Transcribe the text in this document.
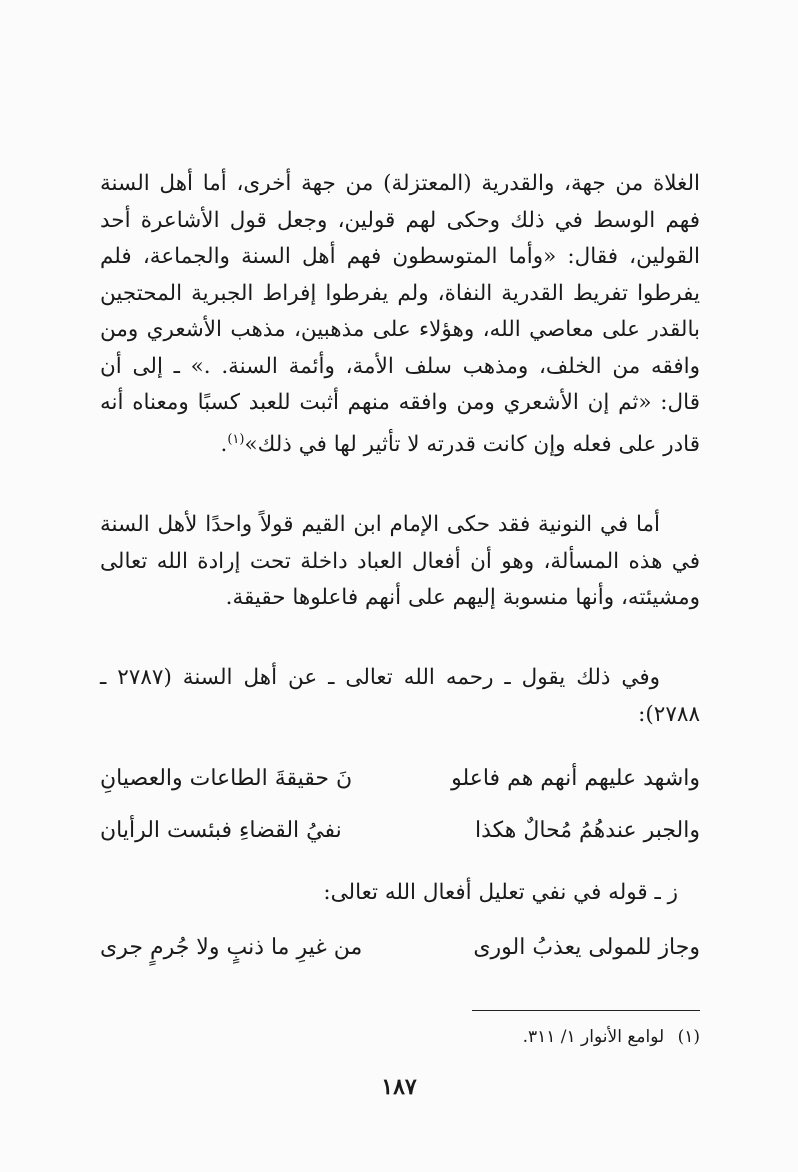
الغلاة من جهة، والقدرية (المعتزلة) من جهة أخرى، أما أهل السنة فهم الوسط في ذلك وحكى لهم قولين، وجعل قول الأشاعرة أحد القولين، فقال: «وأما المتوسطون فهم أهل السنة والجماعة، فلم يفرطوا تفريط القدرية النفاة، ولم يفرطوا إفراط الجبرية المحتجين بالقدر على معاصي الله، وهؤلاء على مذهبين، مذهب الأشعري ومن وافقه من الخلف، ومذهب سلف الأمة، وأئمة السنة. .» ـ إلى أن قال: «ثم إن الأشعري ومن وافقه منهم أثبت للعبد كسبًا ومعناه أنه قادر على فعله وإن كانت قدرته لا تأثير لها في ذلك»$^{(١)}$.

أما في النونية فقد حكى الإمام ابن القيم قولاً واحدًا لأهل السنة في هذه المسألة، وهو أن أفعال العباد داخلة تحت إرادة الله تعالى ومشيئته، وأنها منسوبة إليهم على أنهم فاعلوها حقيقة.

وفي ذلك يقول ـ رحمه الله تعالى ـ عن أهل السنة (٢٧٨٧ ـ ٢٧٨٨):

واشهد عليهم أنهم هم فاعلو
نَ حقيقةَ الطاعات والعصيانِ
والجبر عندهُمُ مُحالٌ هكذا
نفيُ القضاءِ فبئست الرأيان
ز ـ قوله في نفي تعليل أفعال الله تعالى:
وجاز للمولى يعذبُ الورى
من غيرِ ما ذنبٍ ولا جُرمٍ جرى
(١) لوامع الأنوار ١/ ٣١١.
١٨٧
